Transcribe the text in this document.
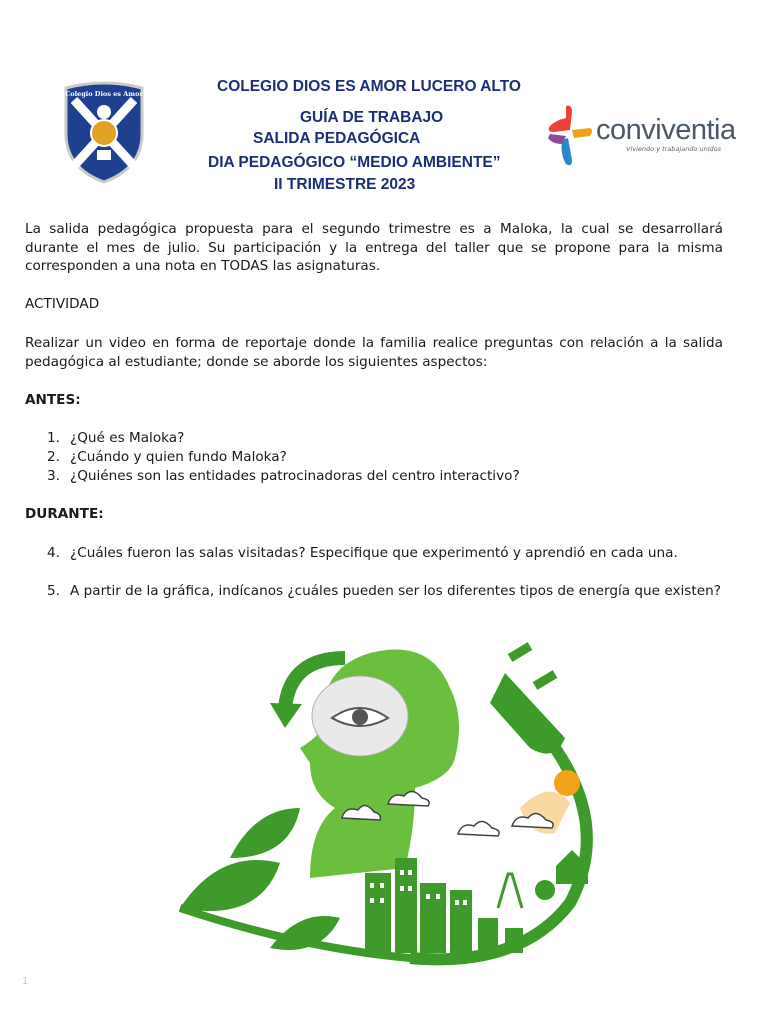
Colegio Dios es Amor
conviventia
Viviendo y trabajando unidos
COLEGIO DIOS ES AMOR LUCERO ALTO
GUÍA DE TRABAJO
SALIDA PEDAGÓGICA
DIA PEDAGÓGICO “MEDIO AMBIENTE”
II TRIMESTRE 2023

La salida pedagógica propuesta para el segundo trimestre es a Maloka, la cual se desarrollará durante el mes de julio. Su participación y la entrega del taller que se propone para la misma corresponden a una nota en TODAS las asignaturas.

ACTIVIDAD

Realizar un video en forma de reportaje donde la familia realice preguntas con relación a la salida pedagógica al estudiante; donde se aborde los siguientes aspectos:

ANTES:
1. ¿Qué es Maloka?
2. ¿Cuándo y quien fundo Maloka?
3. ¿Quiénes son las entidades patrocinadoras del centro interactivo?
DURANTE:
4. ¿Cuáles fueron las salas visitadas? Especifique que experimentó y aprendió en cada una.
5. A partir de la gráfica, indícanos ¿cuáles pueden ser los diferentes tipos de energía que existen?
1
